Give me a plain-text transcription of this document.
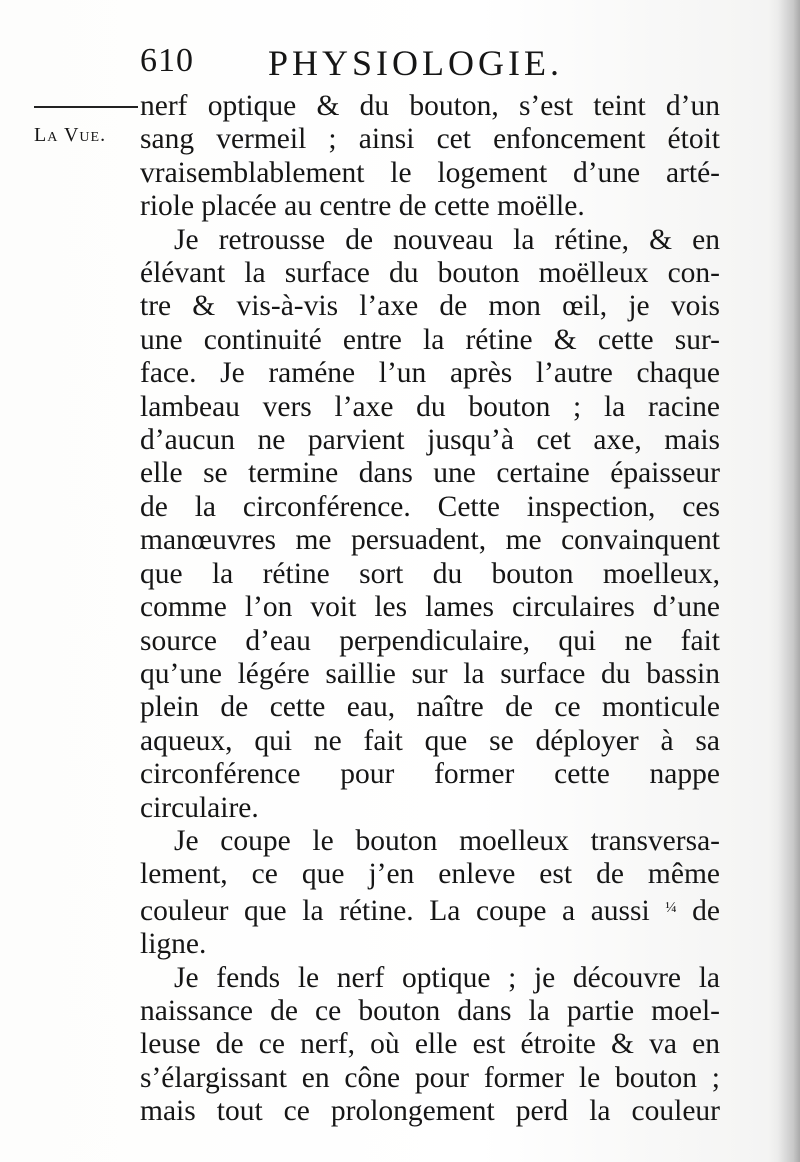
610 PHYSIOLOGIE.
La Vue.
nerf optique & du bouton, s’est teint d’un
sang vermeil ; ainsi cet enfoncement étoit
vraisemblablement le logement d’une arté-
riole placée au centre de cette moëlle.
Je retrousse de nouveau la rétine, & en
élévant la surface du bouton moëlleux con-
tre & vis-à-vis l’axe de mon œil, je vois
une continuité entre la rétine & cette sur-
face. Je raméne l’un après l’autre chaque
lambeau vers l’axe du bouton ; la racine
d’aucun ne parvient jusqu’à cet axe, mais
elle se termine dans une certaine épaisseur
de la circonférence. Cette inspection, ces
manœuvres me persuadent, me convainquent
que la rétine sort du bouton moelleux,
comme l’on voit les lames circulaires d’une
source d’eau perpendiculaire, qui ne fait
qu’une légére saillie sur la surface du bassin
plein de cette eau, naître de ce monticule
aqueux, qui ne fait que se déployer à sa
circonférence pour former cette nappe
circulaire.
Je coupe le bouton moelleux transversa-
lement, ce que j’en enleve est de même
couleur que la rétine. La coupe a aussi $^{\frac{1}{4}}$ de
ligne.
Je fends le nerf optique ; je découvre la
naissance de ce bouton dans la partie moel-
leuse de ce nerf, où elle est étroite & va en
s’élargissant en cône pour former le bouton ;
mais tout ce prolongement perd la couleur
